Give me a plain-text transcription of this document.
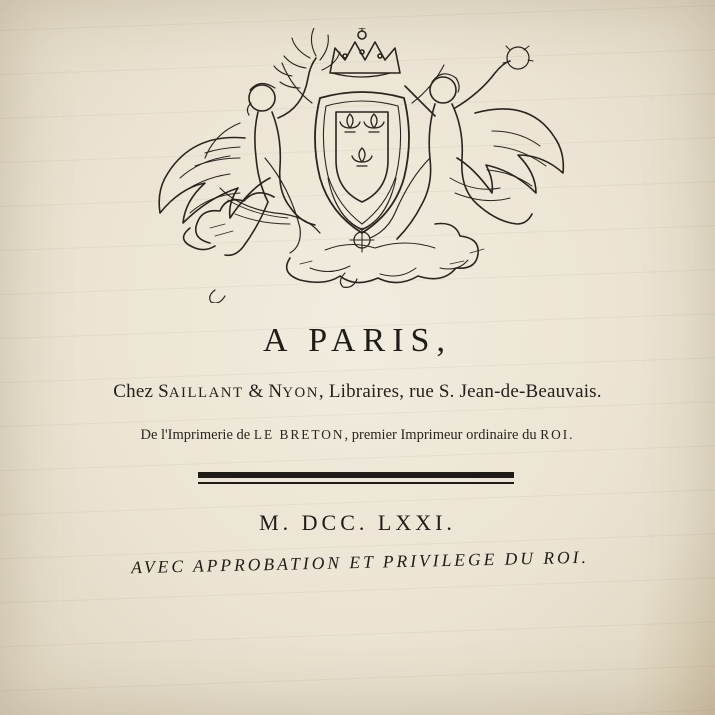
A PARIS,
Chez SAILLANT & NYON, Libraires, rue S. Jean-de-Beauvais.
De l'Imprimerie de LE BRETON, premier Imprimeur ordinaire du ROI.
M. DCC. LXXI.
AVEC APPROBATION ET PRIVILEGE DU ROI.
